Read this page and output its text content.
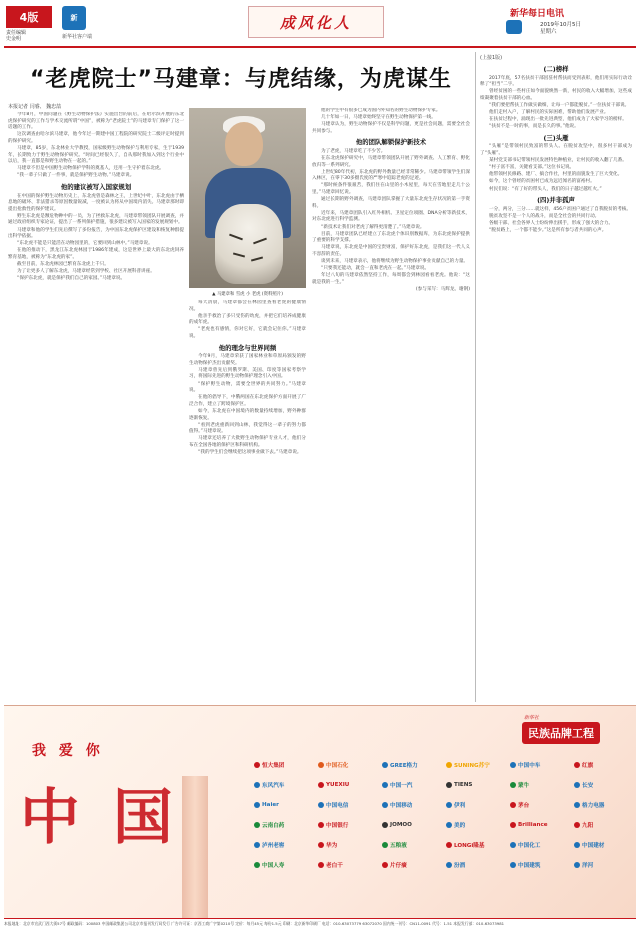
4版
责任编辑
史金明
新
新华社客户端
成风化人	新华每日电讯
2019年10月5日
星期六
(上接1版)
“老虎院士”马建章：与虎结缘，为虎谋生
本报记者 闫睿、 魏忠喆

今年8月，中国问题在《野生动物保护法》实施出台的前后，在哈尔滨开展的东北虎保护研究的工作与学术交流所谓“中国”，被称为“老虎院士”的马建章专门保护了这一话题的工作。

这次调查由哈尔滨马建章，他今年过一期建中国工程院的研究院士二级评定时提到的保护研究。

马建章，85岁，东北林业大学教授，国家级野生动物保护与利用专家，生于1939年，长期致力于野生动物保护研究。“时间已经很久了，自从那时我加入到这个行业中以后，我一直都是和野生动物在一起的。”

马建章不但是中国野生动物保护学科的奠基人，还用一生守护着东北虎。

“我一辈子只做了一件事，就是保护野生动物。”马建章说。

他的建议被写入国家规划

在中国的保护野生动物历史上，东北虎曾是森林之王，上世纪中叶，东北虎由于栖息地的破坏、非法猎杀等原因数量锐减，一度被认为将从中国境内消失。马建章那时即提出抢救性的保护建议。

野生东北虎是濒危物种中的一员，为了拯救东北虎，马建章带领团队开展调查，并通过政府组织专家论证，提出了一系列保护措施，很多建议被写入国家的发展规划中。

马建章和他的学生们先后撰写了多份报告，为中国东北虎保护区建设和恢复种群提出科学依据。

“东北虎不能是只能活在动物园里的，它要回到山林中。”马建章说。

在他的推动下，黑龙江东北虎林园于1986年建成，这是世界上最大的东北虎饲养繁育基地，被称为“东北虎的家”。

截至目前，东北虎林园已繁育东北虎上千只。

为了让更多人了解东北虎，马建章经常到学校、社区开展科普讲座。

“保护东北虎，就是保护我们自己的家园。”马建章说。

▲ 马建章和 雪虎 小 老虎 (资料照片)

每天清晨，马建章都会在林园里查看老虎的健康情况。

他亲手救治了多只受伤的幼虎，并把它们培养成健康的成年虎。

“老虎也有感情，你对它好，它就会记住你。”马建章说。

他的理念与世界同频

今年9月，马建章荣获了国家林业和草原局颁发的野生动物保护杰出贡献奖。

马建章曾先后到俄罗斯、美国、印度等国家考察学习，将国际先进的野生动物保护理念引入中国。

“保护野生动物，需要全世界的共同努力。”马建章说。

在他的倡导下，中俄两国在东北虎保护方面开展了广泛合作，建立了跨境保护区。

如今，东北虎在中国境内的数量持续增加，野外种群逐渐恢复。

“看到老虎重新回到山林，我觉得这一辈子的努力都值得。”马建章说。

马建章还培养了大批野生动物保护专业人才，他们分布在全国各地的保护区和科研机构。

“我的学生们会继续把这项事业做下去。”马建章说。

他的学生中有很多已成为国内外知名的野生动物保护专家。

几十年如一日，马建章始终坚守在野生动物保护第一线。

马建章认为，野生动物保护不仅是科学问题，更是社会问题，需要全社会共同参与。

他的团队解锁保护新技术

为了老虎，马建章吃了不少苦。

在东北虎保护研究中，马建章带领团队开展了野外调查、人工繁育、野化放归等一系列研究。

上世纪80年代初，东北虎的野外数量已经非常稀少。马建章带领学生们深入林区，在零下30多摄氏度的严寒中追踪老虎的足迹。

“那时候条件很艰苦，我们住在山里的小木屋里，每天在雪地里走几十公里。”马建章回忆说。

通过长期的野外调查，马建章团队掌握了大量东北虎生存状况的第一手资料。

近年来，马建章团队引入红外相机、卫星定位项圈、DNA分析等新技术，对东北虎进行科学监测。

“新技术让我们对老虎了解得更清楚了。”马建章说。

目前，马建章团队已经建立了东北虎个体识别数据库，为东北虎保护提供了重要的科学支撑。

马建章说，东北虎是中国的宝贵财富，保护好东北虎，是我们这一代人义不容辞的责任。

谈到未来，马建章表示，他将继续为野生动物保护事业贡献自己的力量。

“只要我还能动，就会一直和老虎在一起。”马建章说。

年过八旬的马建章依然坚持工作，每周都会到林园看看老虎。他说：“这就是我的一生。”

(参与采写：马辉龙、谢钢)

(二)榜样

2017年底，57名扶贫干部因驻村帮扶而受到表彰，他们用实际行动诠释了“担当”二字。

曾经贫困的一些村庄如今面貌焕然一新，村民的收入大幅增加，这些成绩凝聚着扶贫干部的心血。

“我们要把帮扶工作做实做细，让每一户都能脱贫。”一位扶贫干部说。

他们走村入户，了解村民的实际困难，帮助他们发展产业。

在扶贫过程中，涌现出一批先进典型，他们成为了大家学习的榜样。

“扶贫不是一时的事，而是长久的事。”他说。

(三)头雁

“头雁”是带领村民致富的带头人。在脱贫攻坚中，很多村干部成为了“头雁”。

某村党支部书记带领村民发展特色种植业，让村民的收入翻了几番。

“村子富不富，关键看支部。”这位书记说。

他带领村民修路、建厂、搞合作社，村里的面貌发生了巨大变化。

如今，这个曾经的贫困村已成为远近闻名的富裕村。

村民们说：“有了好的带头人，我们的日子越过越红火。”

(四)并非孤声

一分，两分，三分……就这样，456户贫困户通过了自我脱贫的考核。

脱贫攻坚不是一个人的战斗，而是全社会的共同行动。

各级干部、社会各界人士纷纷伸出援手，形成了强大的合力。

“脱贫路上，一个都不能少。”这是所有参与者共同的心声。

我 爱 你
中 国
新华社
民族品牌工程
恒大集团	中国石化	GREE格力	SUNING苏宁	中国中车	红旗
东风汽车	YUEXIU	中国一汽	TIENS	蒙牛	长安
Haier	中国电信	中国移动	伊利	茅台	格力电器
云南白药	中国银行	JOMOO	美的	Brilliance	九阳
泸州老窖	华为	五粮液	LONGi隆基	中国化工	中国建材
中国人寿	老白干	片仔癀	汾酒	中国建筑	洋河
本报地址：北京市宣武门西大街57号 邮政编码：100803 中国邮政集团公司北京市报刊发行局发行 广告许可证：京西工商广字第0210号 定价：每月45元 每份1.5元 印刷：北京新华印刷厂 电话：010-63073779 63072070 国内统一刊号：CN11-0091 代号：1-51 本报发行部：010-63073981
